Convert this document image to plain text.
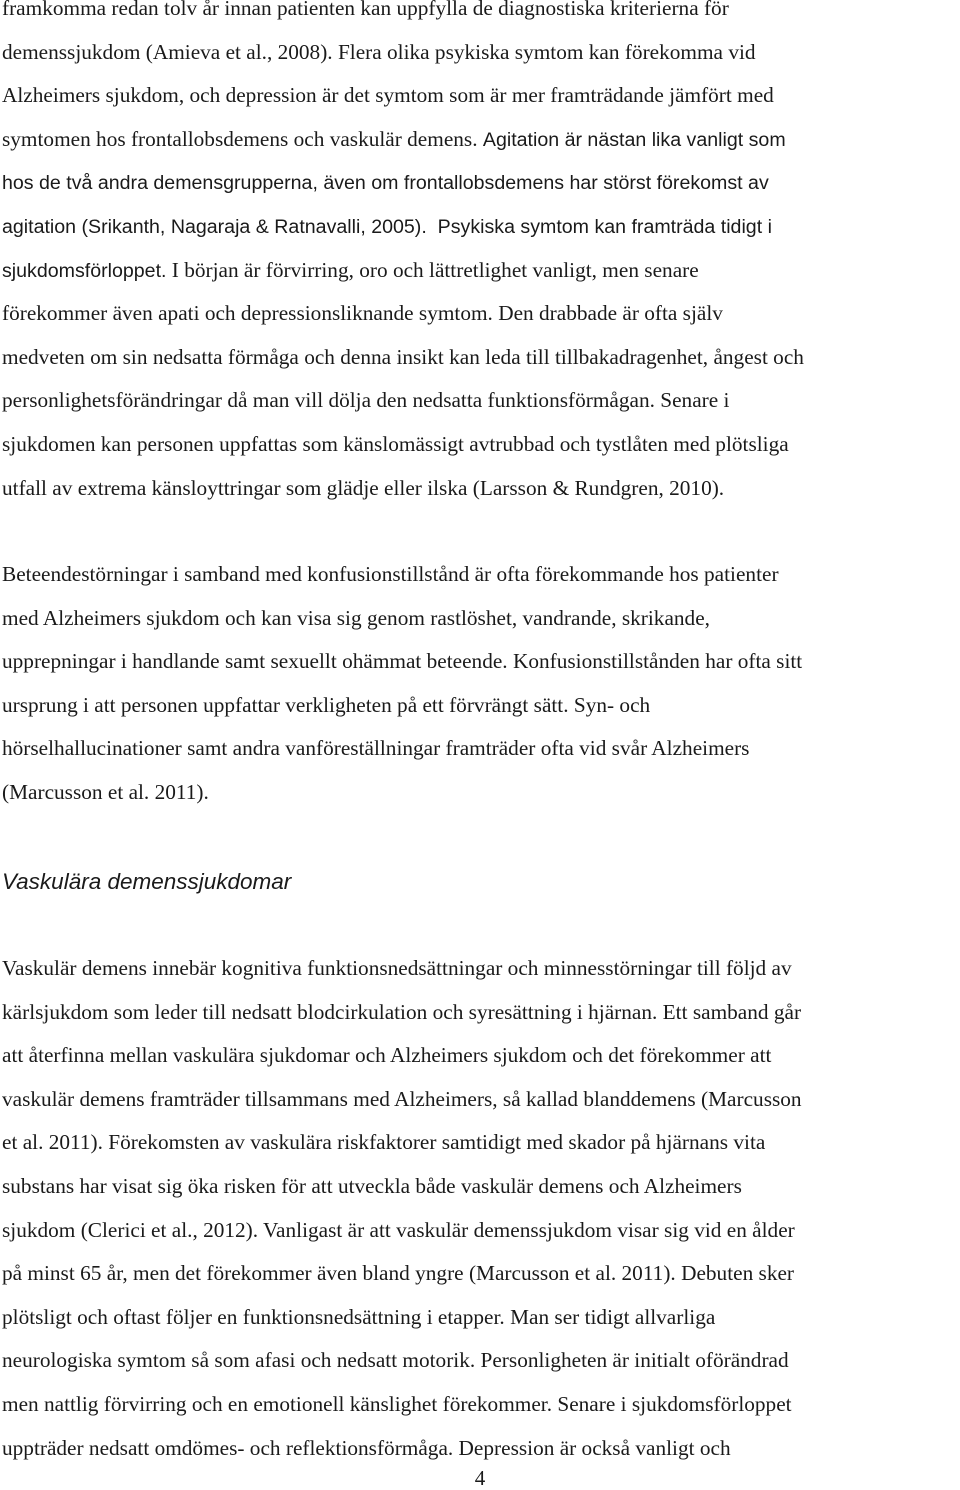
framkomma redan tolv år innan patienten kan uppfylla de diagnostiska kriterierna för
demenssjukdom (Amieva et al., 2008). Flera olika psykiska symtom kan förekomma vid
Alzheimers sjukdom, och depression är det symtom som är mer framträdande jämfört med
symtomen hos frontallobsdemens och vaskulär demens. Agitation är nästan lika vanligt som
hos de två andra demensgrupperna, även om frontallobsdemens har störst förekomst av
agitation (Srikanth, Nagaraja & Ratnavalli, 2005).  Psykiska symtom kan framträda tidigt i
sjukdomsförloppet. I början är förvirring, oro och lättretlighet vanligt, men senare
förekommer även apati och depressionsliknande symtom. Den drabbade är ofta själv
medveten om sin nedsatta förmåga och denna insikt kan leda till tillbakadragenhet, ångest och
personlighetsförändringar då man vill dölja den nedsatta funktionsförmågan. Senare i
sjukdomen kan personen uppfattas som känslomässigt avtrubbad och tystlåten med plötsliga
utfall av extrema känsloyttringar som glädje eller ilska (Larsson & Rundgren, 2010).
Beteendestörningar i samband med konfusionstillstånd är ofta förekommande hos patienter
med Alzheimers sjukdom och kan visa sig genom rastlöshet, vandrande, skrikande,
upprepningar i handlande samt sexuellt ohämmat beteende. Konfusionstillstånden har ofta sitt
ursprung i att personen uppfattar verkligheten på ett förvrängt sätt. Syn- och
hörselhallucinationer samt andra vanföreställningar framträder ofta vid svår Alzheimers
(Marcusson et al. 2011).
Vaskulära demenssjukdomar
Vaskulär demens innebär kognitiva funktionsnedsättningar och minnesstörningar till följd av
kärlsjukdom som leder till nedsatt blodcirkulation och syresättning i hjärnan. Ett samband går
att återfinna mellan vaskulära sjukdomar och Alzheimers sjukdom och det förekommer att
vaskulär demens framträder tillsammans med Alzheimers, så kallad blanddemens (Marcusson
et al. 2011). Förekomsten av vaskulära riskfaktorer samtidigt med skador på hjärnans vita
substans har visat sig öka risken för att utveckla både vaskulär demens och Alzheimers
sjukdom (Clerici et al., 2012). Vanligast är att vaskulär demenssjukdom visar sig vid en ålder
på minst 65 år, men det förekommer även bland yngre (Marcusson et al. 2011). Debuten sker
plötsligt och oftast följer en funktionsnedsättning i etapper. Man ser tidigt allvarliga
neurologiska symtom så som afasi och nedsatt motorik. Personligheten är initialt oförändrad
men nattlig förvirring och en emotionell känslighet förekommer. Senare i sjukdomsförloppet
uppträder nedsatt omdömes- och reflektionsförmåga. Depression är också vanligt och
4
